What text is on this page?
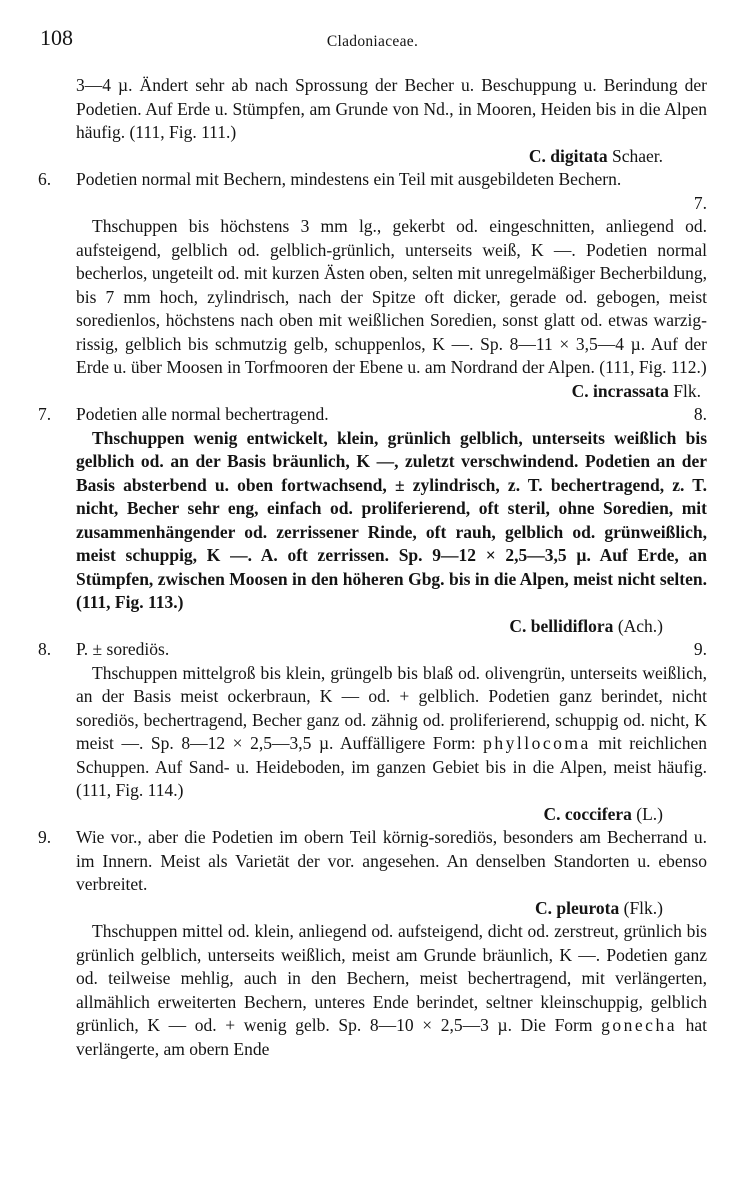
108	Cladoniaceae.
3—4 µ. Ändert sehr ab nach Sprossung der Becher u. Beschuppung u. Berindung der Podetien. Auf Erde u. Stümpfen, am Grunde von Nd., in Mooren, Heiden bis in die Alpen häufig. (111, Fig. 111.)
C. digitata Schaer.
6.	Podetien normal mit Bechern, mindestens ein Teil mit ausgebildeten Bechern.
7.
Thschuppen bis höchstens 3 mm lg., gekerbt od. eingeschnitten, anliegend od. aufsteigend, gelblich od. gelblich-grünlich, unterseits weiß, K —. Podetien normal becherlos, ungeteilt od. mit kurzen Ästen oben, selten mit unregelmäßiger Becherbildung, bis 7 mm hoch, zylindrisch, nach der Spitze oft dicker, gerade od. gebogen, meist soredienlos, höchstens nach oben mit weißlichen Soredien, sonst glatt od. etwas warzig-rissig, gelblich bis schmutzig gelb, schuppenlos, K —. Sp. 8—11 × 3,5—4 µ. Auf der Erde u. über Moosen in Torfmooren der Ebene u. am Nordrand der Alpen. (111, Fig. 112.)
C. incrassata Flk.
7.	Podetien alle normal bechertragend.	8.
Thschuppen wenig entwickelt, klein, grünlich gelblich, unterseits weißlich bis gelblich od. an der Basis bräunlich, K —, zuletzt verschwindend. Podetien an der Basis absterbend u. oben fortwachsend, ± zylindrisch, z. T. bechertragend, z. T. nicht, Becher sehr eng, einfach od. proliferierend, oft steril, ohne Soredien, mit zusammenhängender od. zerrissener Rinde, oft rauh, gelblich od. grünweißlich, meist schuppig, K —. A. oft zerrissen. Sp. 9—12 × 2,5—3,5 µ. Auf Erde, an Stümpfen, zwischen Moosen in den höheren Gbg. bis in die Alpen, meist nicht selten. (111, Fig. 113.)
C. bellidiflora (Ach.)
8.	P. ± sorediös.	9.
Thschuppen mittelgroß bis klein, grüngelb bis blaß od. olivengrün, unterseits weißlich, an der Basis meist ockerbraun, K — od. + gelblich. Podetien ganz berindet, nicht sorediös, bechertragend, Becher ganz od. zähnig od. proliferierend, schuppig od. nicht, K meist —. Sp. 8—12 × 2,5—3,5 µ. Auffälligere Form: phyllocoma mit reichlichen Schuppen. Auf Sand- u. Heideboden, im ganzen Gebiet bis in die Alpen, meist häufig. (111, Fig. 114.)
C. coccifera (L.)
9.	Wie vor., aber die Podetien im obern Teil körnig-sorediös, besonders am Becherrand u. im Innern. Meist als Varietät der vor. angesehen. An denselben Standorten u. ebenso verbreitet.
C. pleurota (Flk.)
Thschuppen mittel od. klein, anliegend od. aufsteigend, dicht od. zerstreut, grünlich bis grünlich gelblich, unterseits weißlich, meist am Grunde bräunlich, K —. Podetien ganz od. teilweise mehlig, auch in den Bechern, meist bechertragend, mit verlängerten, allmählich erweiterten Bechern, unteres Ende berindet, seltner kleinschuppig, gelblich grünlich, K — od. + wenig gelb. Sp. 8—10 × 2,5—3 µ. Die Form gonecha hat verlängerte, am obern Ende
